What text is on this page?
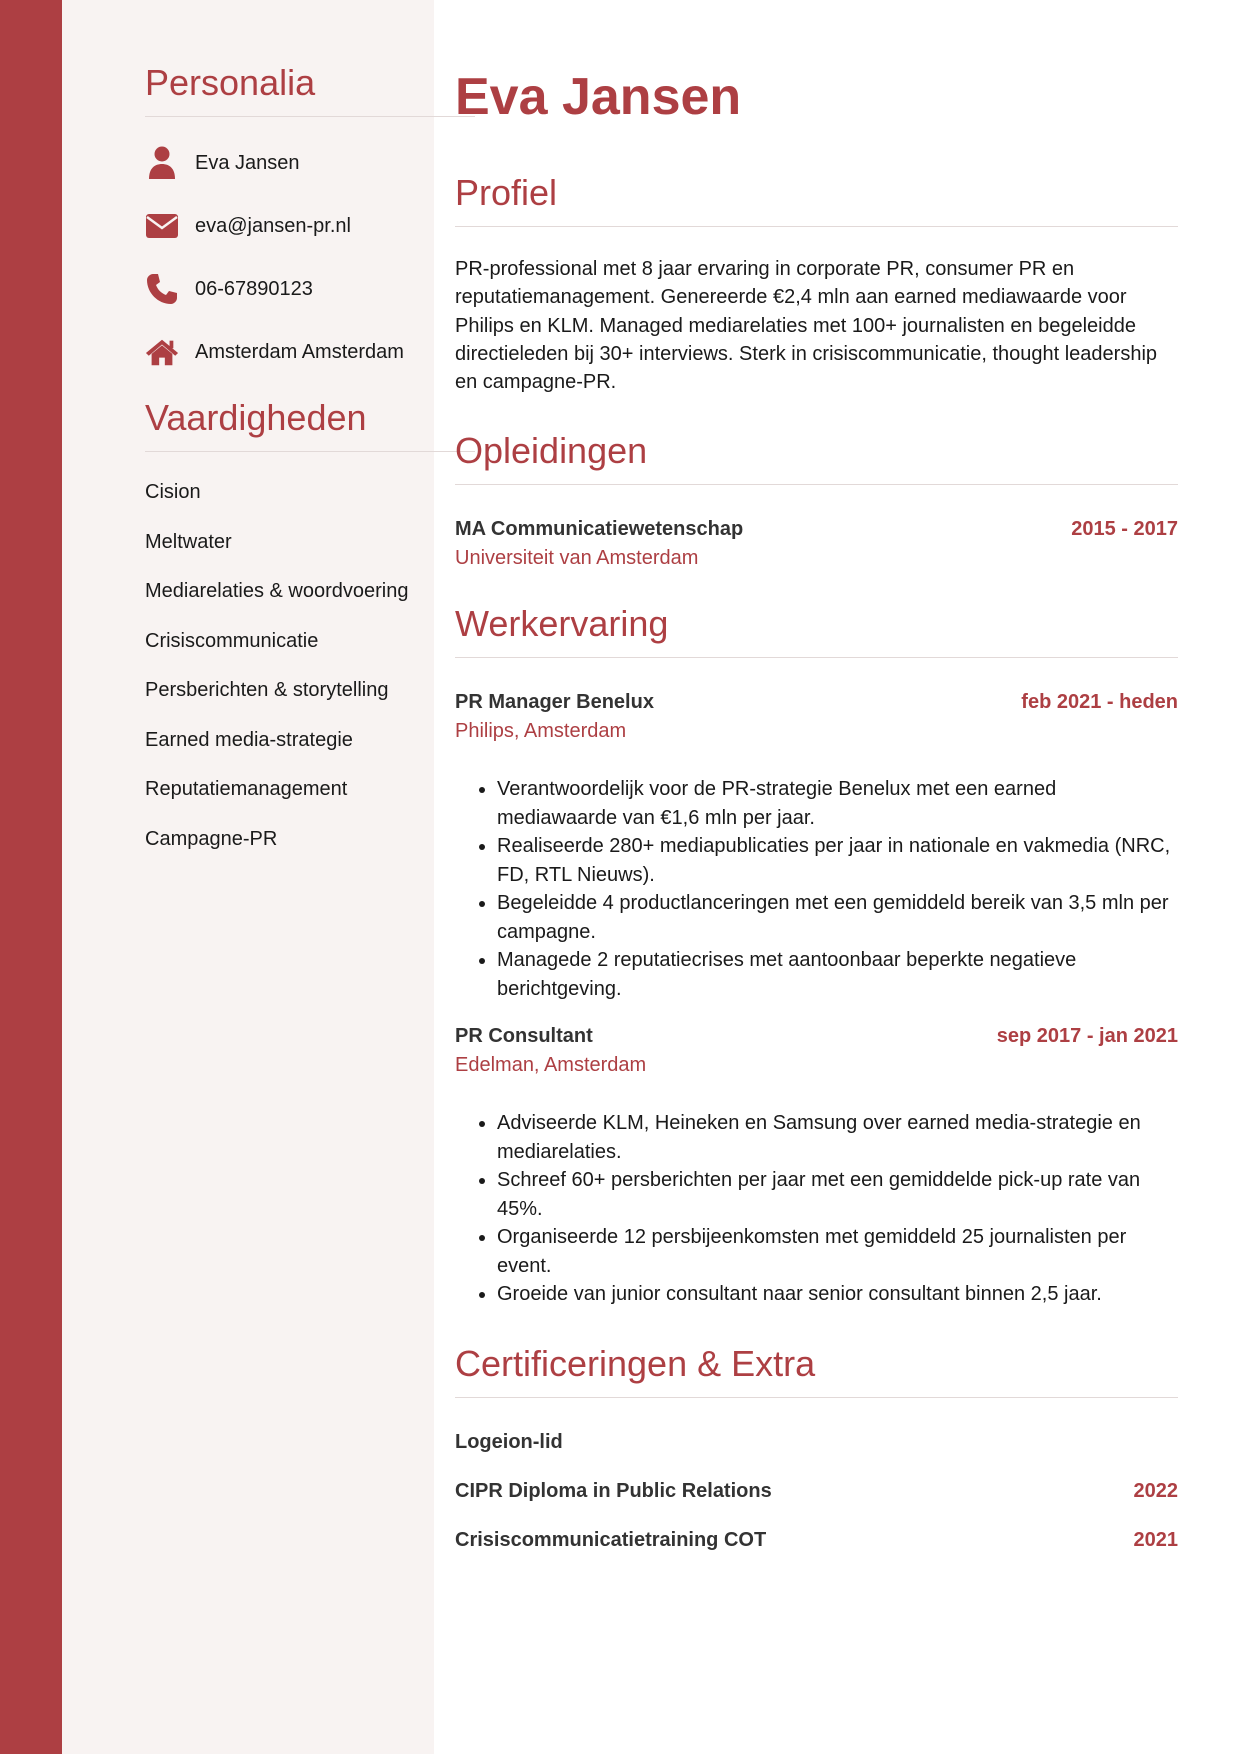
Personalia
Eva Jansen
eva@jansen-pr.nl
06-67890123
Amsterdam Amsterdam
Vaardigheden
Cision
Meltwater
Mediarelaties & woordvoering
Crisiscommunicatie
Persberichten & storytelling
Earned media-strategie
Reputatiemanagement
Campagne-PR
Eva Jansen
Profiel

PR-professional met 8 jaar ervaring in corporate PR, consumer PR en reputatiemanagement. Genereerde €2,4 mln aan earned mediawaarde voor Philips en KLM. Managed mediarelaties met 100+ journalisten en begeleidde directieleden bij 30+ interviews. Sterk in crisiscommunicatie, thought leadership en campagne-PR.

Opleidingen
MA Communicatiewetenschap	2015 - 2017
Universiteit van Amsterdam
Werkervaring
PR Manager Benelux	feb 2021 - heden
Philips, Amsterdam
• Verantwoordelijk voor de PR-strategie Benelux met een earned mediawaarde van €1,6 mln per jaar.
• Realiseerde 280+ mediapublicaties per jaar in nationale en vakmedia (NRC, FD, RTL Nieuws).
• Begeleidde 4 productlanceringen met een gemiddeld bereik van 3,5 mln per campagne.
• Managede 2 reputatiecrises met aantoonbaar beperkte negatieve berichtgeving.
PR Consultant	sep 2017 - jan 2021
Edelman, Amsterdam
• Adviseerde KLM, Heineken en Samsung over earned media-strategie en mediarelaties.
• Schreef 60+ persberichten per jaar met een gemiddelde pick-up rate van 45%.
• Organiseerde 12 persbijeenkomsten met gemiddeld 25 journalisten per event.
• Groeide van junior consultant naar senior consultant binnen 2,5 jaar.
Certificeringen & Extra
Logeion-lid
CIPR Diploma in Public Relations	2022
Crisiscommunicatietraining COT	2021
